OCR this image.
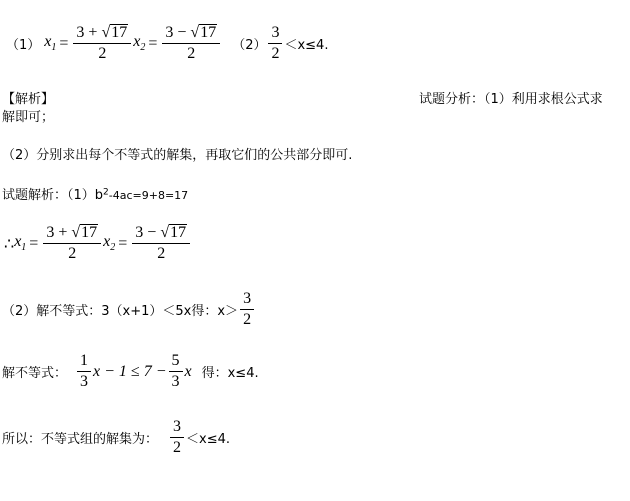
（1） $x_1 = \frac{3 + √17}{2} x_2 = \frac{3 - √17}{2} (2) \frac{3}{2} <x\le 4$.
【解析】	试题分析：（1）利用求根公式求
解即可；
（2）分别求出每个不等式的解集，再取它们的公共部分即可.
试题解析：$(1)b^2-4ac=9+8=17$
∴ $x_1 = \frac{3 + √17}{2} x_2 = \frac{3 - √17}{2}$
（2）解不等式：3（x+1）＜5x得：$x> \frac{3}{2}$
解不等式： $\frac{1}{3}$ $x - 1 \le 7 - \frac{5}{3}$ x 得：x≤4.
所以：不等式组的解集为： $\frac{3}{2} <x\le 4$.
